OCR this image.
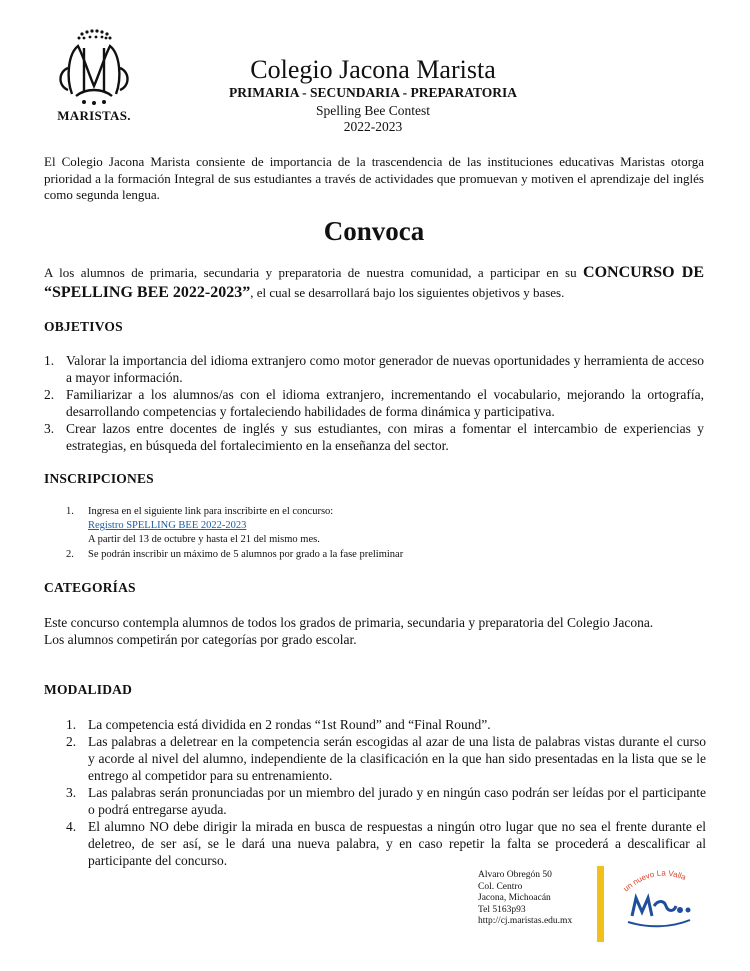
MARISTAS.
Colegio Jacona Marista
PRIMARIA - SECUNDARIA - PREPARATORIA
Spelling Bee Contest
2022-2023
El Colegio Jacona Marista consiente de importancia de la trascendencia de las instituciones educativas Maristas otorga prioridad a la formación Integral de sus estudiantes a través de actividades que promuevan y motiven el aprendizaje del inglés como segunda lengua.
Convoca
A los alumnos de primaria, secundaria y preparatoria de nuestra comunidad, a participar en su CONCURSO DE “SPELLING BEE 2022-2023”, el cual se desarrollará bajo los siguientes objetivos y bases.
OBJETIVOS
1. Valorar la importancia del idioma extranjero como motor generador de nuevas oportunidades y herramienta de acceso a mayor información.
2. Familiarizar a los alumnos/as con el idioma extranjero, incrementando el vocabulario, mejorando la ortografía, desarrollando competencias y fortaleciendo habilidades de forma dinámica y participativa.
3. Crear lazos entre docentes de inglés y sus estudiantes, con miras a fomentar el intercambio de experiencias y estrategias, en búsqueda del fortalecimiento en la enseñanza del sector.
INSCRIPCIONES
1. Ingresa en el siguiente link para inscribirte en el concurso:
Registro SPELLING BEE 2022-2023
A partir del 13 de octubre y hasta el 21 del mismo mes.
2. Se podrán inscribir un máximo de 5 alumnos por grado a la fase preliminar
CATEGORÍAS
Este concurso contempla alumnos de todos los grados de primaria, secundaria y preparatoria del Colegio Jacona. Los alumnos competirán por categorías por grado escolar.
MODALIDAD
1. La competencia está dividida en 2 rondas “1st Round” and “Final Round”.
2. Las palabras a deletrear en la competencia serán escogidas al azar de una lista de palabras vistas durante el curso y acorde al nivel del alumno, independiente de la clasificación en la que han sido presentadas en la lista que se le entrego al competidor para su entrenamiento.
3. Las palabras serán pronunciadas por un miembro del jurado y en ningún caso podrán ser leídas por el participante o podrá entregarse ayuda.
4. El alumno NO debe dirigir la mirada en busca de respuestas a ningún otro lugar que no sea el frente durante el deletreo, de ser así, se le dará una nueva palabra, y en caso repetir la falta se procederá a descalificar al participante del concurso.
Alvaro Obregón 50
Col. Centro
Jacona, Michoacán
Tel 5163p93
http://cj.maristas.edu.mx
un nuevo La Valla
